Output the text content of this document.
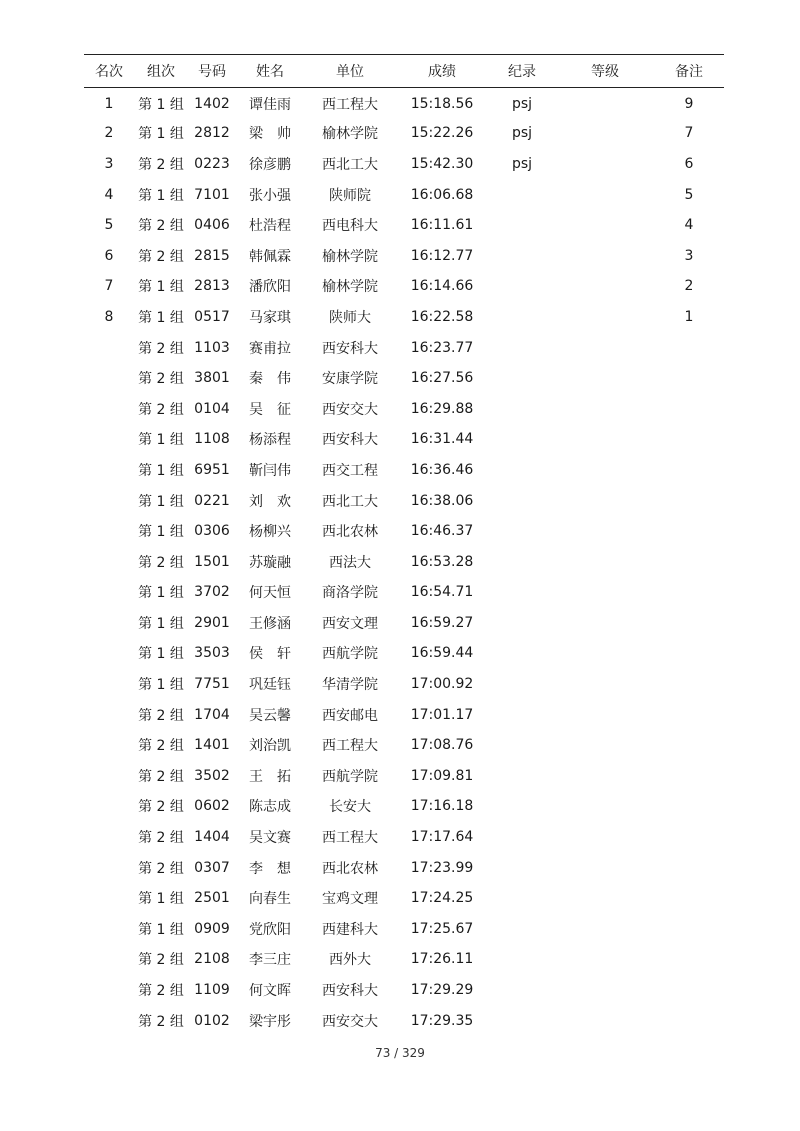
名次	组次	号码	姓名	单位	成绩	纪录	等级	备注
1	第 1 组	1402	谭佳雨	西工程大	15:18.56	psj		9
2	第 1 组	2812	梁　帅	榆林学院	15:22.26	psj		7
3	第 2 组	0223	徐彦鹏	西北工大	15:42.30	psj		6
4	第 1 组	7101	张小强	陕师院	16:06.68			5
5	第 2 组	0406	杜浩程	西电科大	16:11.61			4
6	第 2 组	2815	韩佩霖	榆林学院	16:12.77			3
7	第 1 组	2813	潘欣阳	榆林学院	16:14.66			2
8	第 1 组	0517	马家琪	陕师大	16:22.58			1
	第 2 组	1103	赛甫拉	西安科大	16:23.77			
	第 2 组	3801	秦　伟	安康学院	16:27.56			
	第 2 组	0104	吴　征	西安交大	16:29.88			
	第 1 组	1108	杨添程	西安科大	16:31.44			
	第 1 组	6951	靳闫伟	西交工程	16:36.46			
	第 1 组	0221	刘　欢	西北工大	16:38.06			
	第 1 组	0306	杨柳兴	西北农林	16:46.37			
	第 2 组	1501	苏璇融	西法大	16:53.28			
	第 1 组	3702	何天恒	商洛学院	16:54.71			
	第 1 组	2901	王修涵	西安文理	16:59.27			
	第 1 组	3503	侯　轩	西航学院	16:59.44			
	第 1 组	7751	巩廷钰	华清学院	17:00.92			
	第 2 组	1704	吴云馨	西安邮电	17:01.17			
	第 2 组	1401	刘治凯	西工程大	17:08.76			
	第 2 组	3502	王　拓	西航学院	17:09.81			
	第 2 组	0602	陈志成	长安大	17:16.18			
	第 2 组	1404	吴文赛	西工程大	17:17.64			
	第 2 组	0307	李　想	西北农林	17:23.99			
	第 1 组	2501	向春生	宝鸡文理	17:24.25			
	第 1 组	0909	党欣阳	西建科大	17:25.67			
	第 2 组	2108	李三庄	西外大	17:26.11			
	第 2 组	1109	何文晖	西安科大	17:29.29			
	第 2 组	0102	梁宇彤	西安交大	17:29.35			
73 / 329
